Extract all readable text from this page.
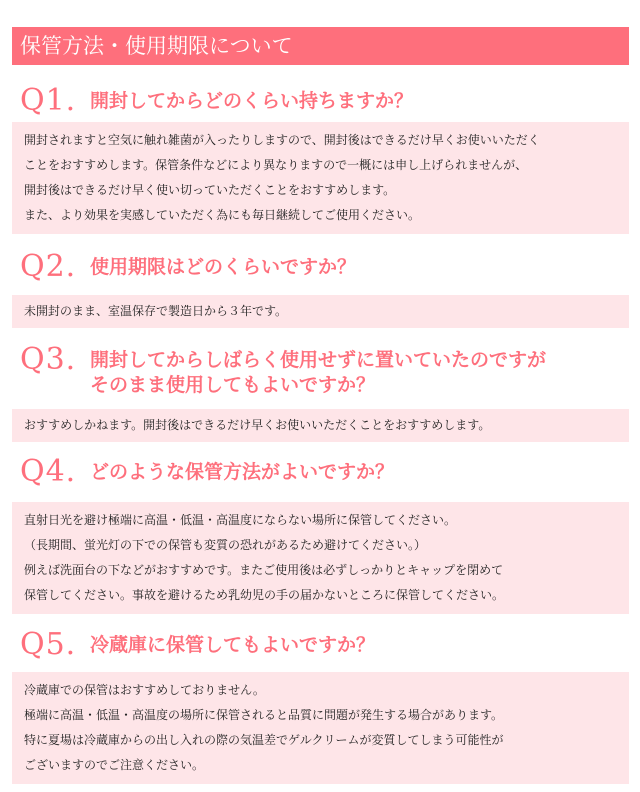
保管方法・使用期限について
Q1. 開封してからどのくらい持ちますか？
開封されますと空気に触れ雑菌が入ったりしますので、開封後はできるだけ早くお使いいただく
ことをおすすめします。保管条件などにより異なりますので一概には申し上げられませんが、
開封後はできるだけ早く使い切っていただくことをおすすめします。
また、より効果を実感していただく為にも毎日継続してご使用ください。
Q2. 使用期限はどのくらいですか？
未開封のまま、室温保存で製造日から３年です。
Q3. 開封してからしばらく使用せずに置いていたのですが
そのまま使用してもよいですか？
おすすめしかねます。開封後はできるだけ早くお使いいただくことをおすすめします。
Q4. どのような保管方法がよいですか？
直射日光を避け極端に高温・低温・高温度にならない場所に保管してください。
（長期間、蛍光灯の下での保管も変質の恐れがあるため避けてください。）
例えば洗面台の下などがおすすめです。またご使用後は必ずしっかりとキャップを閉めて
保管してください。事故を避けるため乳幼児の手の届かないところに保管してください。
Q5. 冷蔵庫に保管してもよいですか？
冷蔵庫での保管はおすすめしておりません。
極端に高温・低温・高温度の場所に保管されると品質に問題が発生する場合があります。
特に夏場は冷蔵庫からの出し入れの際の気温差でゲルクリームが変質してしまう可能性が
ございますのでご注意ください。
